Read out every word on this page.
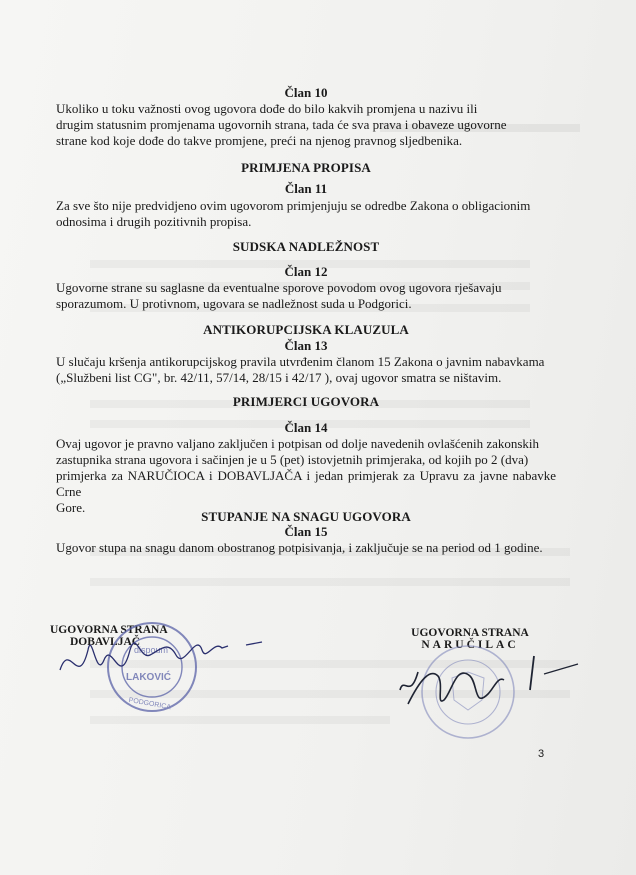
Član 10

Ukoliko u toku važnosti ovog ugovora dođe do bilo kakvih promjena u nazivu ili
drugim statusnim promjenama ugovornih strana, tada će sva prava i obaveze ugovorne
strane kod koje dođe do takve promjene, preći na njenog pravnog sljedbenika.

PRIMJENA PROPISA
Član 11

Za sve što nije predvidjeno ovim ugovorom primjenjuju se odredbe Zakona o obligacionim
odnosima i drugih pozitivnih propisa.

SUDSKA NADLEŽNOST
Član 12

Ugovorne strane su saglasne da eventualne sporove povodom ovog ugovora rješavaju
sporazumom. U protivnom, ugovara se nadležnost suda u Podgorici.

ANTIKORUPCIJSKA KLAUZULA
Član 13

U slučaju kršenja antikorupcijskog pravila utvrđenim članom 15 Zakona o javnim nabavkama
(„Službeni list CG", br. 42/11, 57/14, 28/15 i 42/17 ), ovaj ugovor smatra se ništavim.

PRIMJERCI UGOVORA
Član 14

Ovaj ugovor je pravno valjano zaključen i potpisan od dolje navedenih ovlašćenih zakonskih
zastupnika strana ugovora i sačinjen je u 5 (pet) istovjetnih primjeraka, od kojih po 2 (dva)
primjerka za NARUČIOCA i DOBAVLJAČA i jedan primjerak za Upravu za javne nabavke Crne
Gore.

STUPANJE NA SNAGU UGOVORA
Član 15

Ugovor stupa na snagu danom obostranog potpisivanja, i zaključuje se na period od 1 godine.

UGOVORNA STRANA
DOBAVLJAČ
UGOVORNA STRANA
NARUČILAC
dispoum
LAKOVIĆ
PODGORICA
3
